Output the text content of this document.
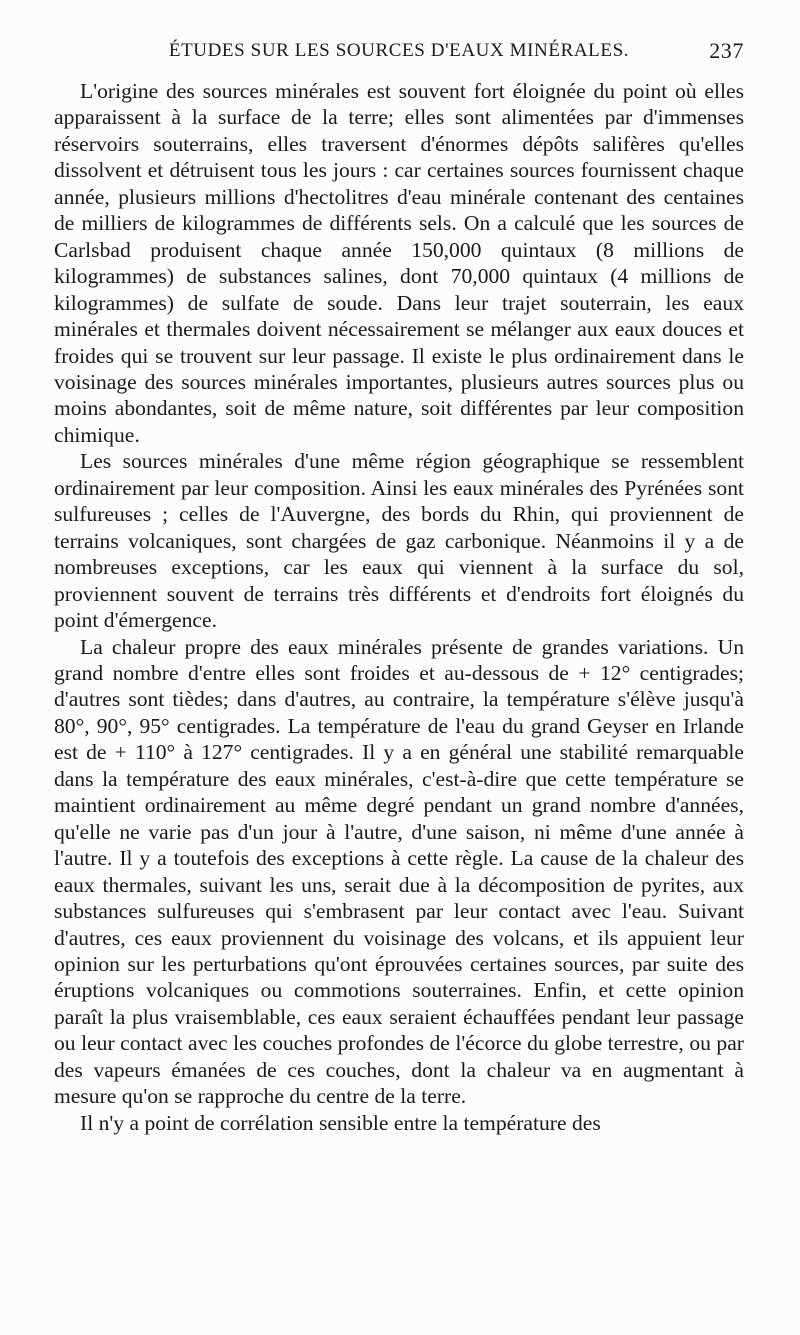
ÉTUDES SUR LES SOURCES D'EAUX MINÉRALES.	237

L'origine des sources minérales est souvent fort éloignée du point où elles apparaissent à la surface de la terre; elles sont alimentées par d'immenses réservoirs souterrains, elles traversent d'énormes dépôts salifères qu'elles dissolvent et détruisent tous les jours : car certaines sources fournissent chaque année, plusieurs millions d'hectolitres d'eau minérale contenant des centaines de milliers de kilogrammes de différents sels. On a calculé que les sources de Carlsbad produisent chaque année 150,000 quintaux (8 millions de kilogrammes) de substances salines, dont 70,000 quintaux (4 millions de kilogrammes) de sulfate de soude. Dans leur trajet souterrain, les eaux minérales et thermales doivent nécessairement se mélanger aux eaux douces et froides qui se trouvent sur leur passage. Il existe le plus ordinairement dans le voisinage des sources minérales importantes, plusieurs autres sources plus ou moins abondantes, soit de même nature, soit différentes par leur composition chimique.

Les sources minérales d'une même région géographique se ressemblent ordinairement par leur composition. Ainsi les eaux minérales des Pyrénées sont sulfureuses ; celles de l'Auvergne, des bords du Rhin, qui proviennent de terrains volcaniques, sont chargées de gaz carbonique. Néanmoins il y a de nombreuses exceptions, car les eaux qui viennent à la surface du sol, proviennent souvent de terrains très différents et d'endroits fort éloignés du point d'émergence.

La chaleur propre des eaux minérales présente de grandes variations. Un grand nombre d'entre elles sont froides et au-dessous de + 12° centigrades; d'autres sont tièdes; dans d'autres, au contraire, la température s'élève jusqu'à 80°, 90°, 95° centigrades. La température de l'eau du grand Geyser en Irlande est de + 110° à 127° centigrades. Il y a en général une stabilité remarquable dans la température des eaux minérales, c'est-à-dire que cette température se maintient ordinairement au même degré pendant un grand nombre d'années, qu'elle ne varie pas d'un jour à l'autre, d'une saison, ni même d'une année à l'autre. Il y a toutefois des exceptions à cette règle. La cause de la chaleur des eaux thermales, suivant les uns, serait due à la décomposition de pyrites, aux substances sulfureuses qui s'embrasent par leur contact avec l'eau. Suivant d'autres, ces eaux proviennent du voisinage des volcans, et ils appuient leur opinion sur les perturbations qu'ont éprouvées certaines sources, par suite des éruptions volcaniques ou commotions souterraines. Enfin, et cette opinion paraît la plus vraisemblable, ces eaux seraient échauffées pendant leur passage ou leur contact avec les couches profondes de l'écorce du globe terrestre, ou par des vapeurs émanées de ces couches, dont la chaleur va en augmentant à mesure qu'on se rapproche du centre de la terre.

Il n'y a point de corrélation sensible entre la température des
